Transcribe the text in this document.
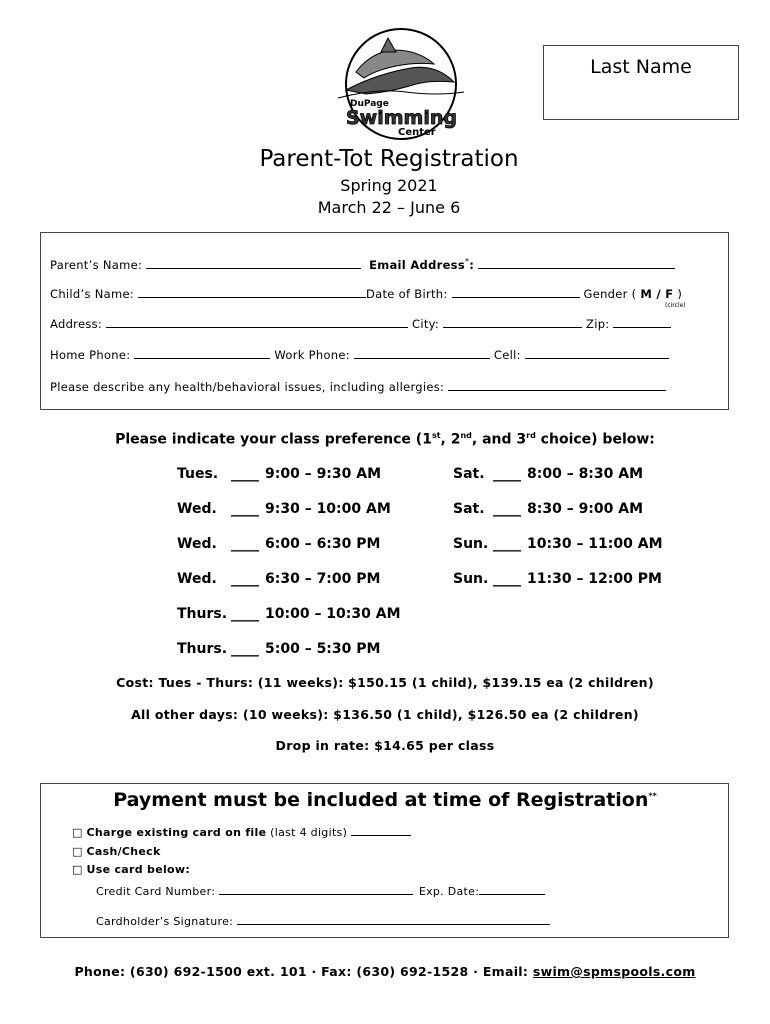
DuPage
Swimming
Center
Last Name
Parent-Tot Registration
Spring 2021
March 22 – June 6
Parent’s Name:	Email Address*:
Child’s Name:	Date of Birth:	Gender ( M / F )
(circle)
Address:	City:	Zip:
Home Phone:	Work Phone:	Cell:
Please describe any health/behavioral issues, including allergies:
Please indicate your class preference (1st, 2nd, and 3rd choice) below:
Tues. ____ 9:00 – 9:30 AM
Wed. ____ 9:30 – 10:00 AM
Wed. ____ 6:00 – 6:30 PM
Wed. ____ 6:30 – 7:00 PM
Thurs. ____ 10:00 – 10:30 AM
Thurs. ____ 5:00 – 5:30 PM
Sat. ____ 8:00 – 8:30 AM
Sat. ____ 8:30 – 9:00 AM
Sun. ____ 10:30 – 11:00 AM
Sun. ____ 11:30 – 12:00 PM
Cost: Tues - Thurs: (11 weeks): $150.15 (1 child), $139.15 ea (2 children)
All other days: (10 weeks): $136.50 (1 child), $126.50 ea (2 children)
Drop in rate: $14.65 per class
Payment must be included at time of Registration**
□ Charge existing card on file (last 4 digits)
□ Cash/Check
□ Use card below:
Credit Card Number:	Exp. Date:
Cardholder’s Signature:
Phone: (630) 692-1500 ext. 101 · Fax: (630) 692-1528 · Email: swim@spmspools.com
